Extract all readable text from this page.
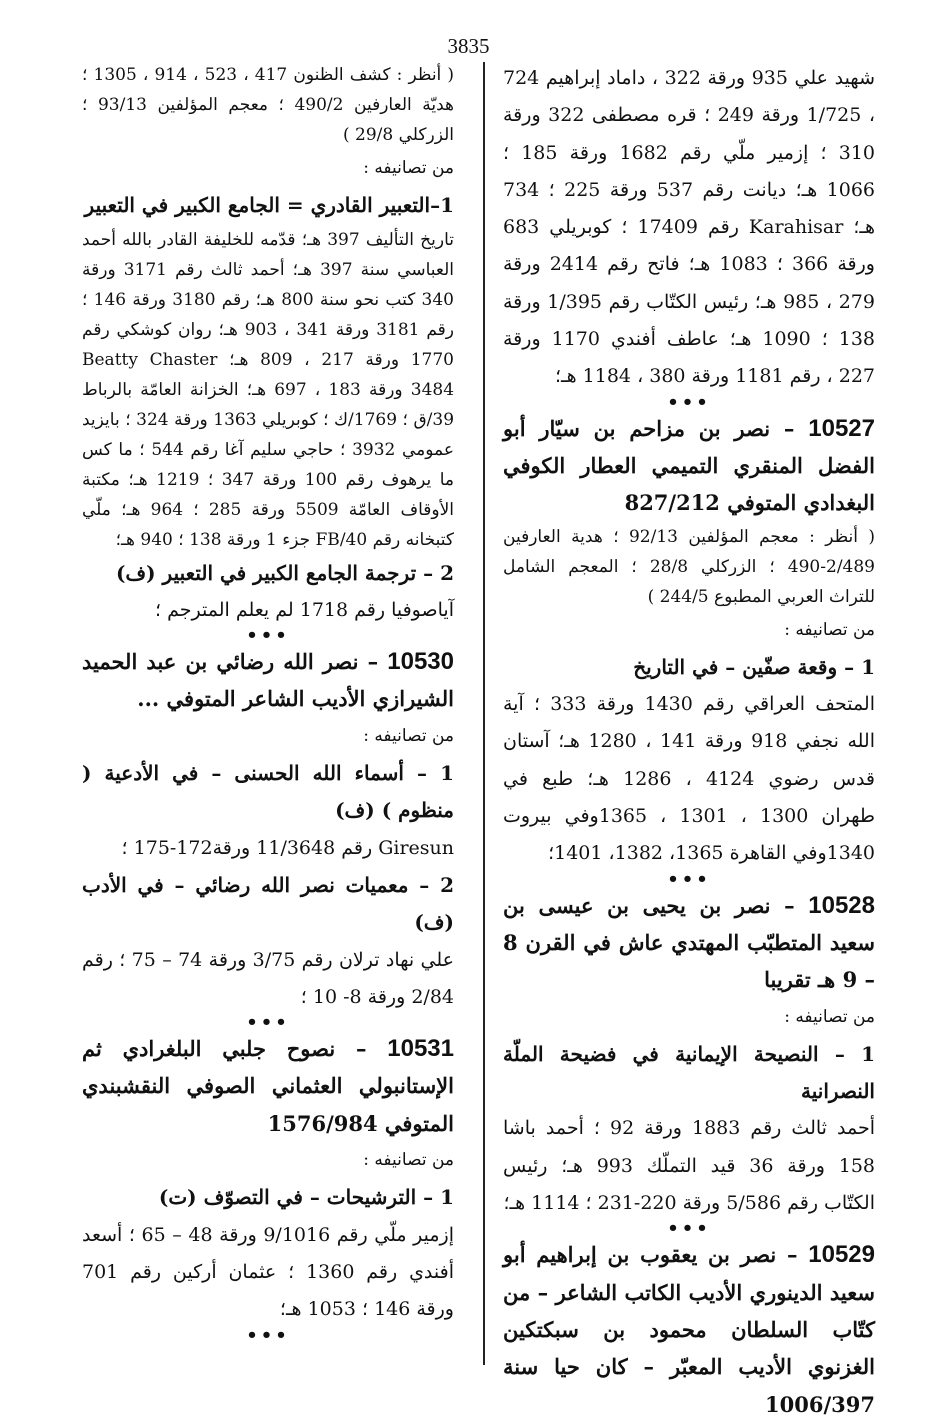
3835

شهيد علي 935 ورقة 322 ، داماد إبراهيم 724 ، 1/725 ورقة 249 ؛ قره مصطفى 322 ورقة 310 ؛ إزمير ملّي رقم 1682 ورقة 185 ؛ 1066 هـ؛ ديانت رقم 537 ورقة 225 ؛ 734 هـ؛ Karahisar رقم 17409 ؛ كوبريلي 683 ورقة 366 ؛ 1083 هـ؛ فاتح رقم 2414 ورقة 279 ، 985 هـ؛ رئيس الكتّاب رقم 1/395 ورقة 138 ؛ 1090 هـ؛ عاطف أفندي 1170 ورقة 227 ، رقم 1181 ورقة 380 ، 1184 هـ؛

•••

10527 – نصر بن مزاحم بن سيّار أبو الفضل المنقري التميمي العطار الكوفي البغدادي المتوفي 827/212

( أنظر : معجم المؤلفين 92/13 ؛ هدية العارفين 2/489-490 ؛ الزركلي 28/8 ؛ المعجم الشامل للتراث العربي المطبوع 244/5 )

من تصانيفه :

1 – وقعة صفّين – في التاريخ

المتحف العراقي رقم 1430 ورقة 333 ؛ آية الله نجفي 918 ورقة 141 ، 1280 هـ؛ آستان قدس رضوي 4124 ، 1286 هـ؛ طبع في طهران 1300 ، 1301 ، 1365وفي بيروت 1340وفي القاهرة 1365، 1382، 1401؛

•••

10528 – نصر بن يحيى بن عيسى بن سعيد المتطبّب المهتدي عاش في القرن 8 – 9 هـ تقريبا

من تصانيفه :

1 – النصيحة الإيمانية في فضيحة الملّة النصرانية

أحمد ثالث رقم 1883 ورقة 92 ؛ أحمد باشا 158 ورقة 36 قيد التملّك 993 هـ؛ رئيس الكتّاب رقم 5/586 ورقة 220-231 ؛ 1114 هـ؛

•••

10529 – نصر بن يعقوب بن إبراهيم أبو سعيد الدينوري الأديب الكاتب الشاعر – من كتّاب السلطان محمود بن سبكتكين الغزنوي الأديب المعبّر – كان حيا سنة 1006/397

( أنظر : كشف الظنون 417 ، 523 ، 914 ، 1305 ؛ هديّة العارفين 490/2 ؛ معجم المؤلفين 93/13 ؛ الزركلي 29/8 )

من تصانيفه :

1–التعبير القادري = الجامع الكبير في التعبير

تاريخ التأليف 397 هـ؛ قدّمه للخليفة القادر بالله أحمد العباسي سنة 397 هـ؛ أحمد ثالث رقم 3171 ورقة 340 كتب نحو سنة 800 هـ؛ رقم 3180 ورقة 146 ؛ رقم 3181 ورقة 341 ، 903 هـ؛ روان كوشكي رقم 1770 ورقة 217 ، 809 هـ؛ Beatty Chaster 3484 ورقة 183 ، 697 هـ؛ الخزانة العامّة بالرباط 39/ق ؛ 1769/ك ؛ كوبريلي 1363 ورقة 324 ؛ بايزيد عمومي 3932 ؛ حاجي سليم آغا رقم 544 ؛ ما كس ما يرهوف رقم 100 ورقة 347 ؛ 1219 هـ؛ مكتبة الأوقاف العامّة 5509 ورقة 285 ؛ 964 هـ؛ ملّي كتبخانه رقم 40/FB جزء 1 ورقة 138 ؛ 940 هـ؛

2 – ترجمة الجامع الكبير في التعبير (ف)

آياصوفيا رقم 1718 لم يعلم المترجم ؛

•••

10530 – نصر الله رضائي بن عبد الحميد الشيرازي الأديب الشاعر المتوفي ...

من تصانيفه :

1 – أسماء الله الحسنى – في الأدعية ( منظوم ) (ف)

Giresun رقم 11/3648 ورقة172-175 ؛

2 – معميات نصر الله رضائي – في الأدب (ف)

علي نهاد ترلان رقم 3/75 ورقة 74 – 75 ؛ رقم 2/84 ورقة 8- 10 ؛

•••

10531 – نصوح جلبي البلغرادي ثم الإستانبولي العثماني الصوفي النقشبندي المتوفي 1576/984

من تصانيفه :

1 – الترشيحات – في التصوّف (ت)

إزمير ملّي رقم 9/1016 ورقة 48 – 65 ؛ أسعد أفندي رقم 1360 ؛ عثمان أركين رقم 701 ورقة 146 ؛ 1053 هـ؛

•••
